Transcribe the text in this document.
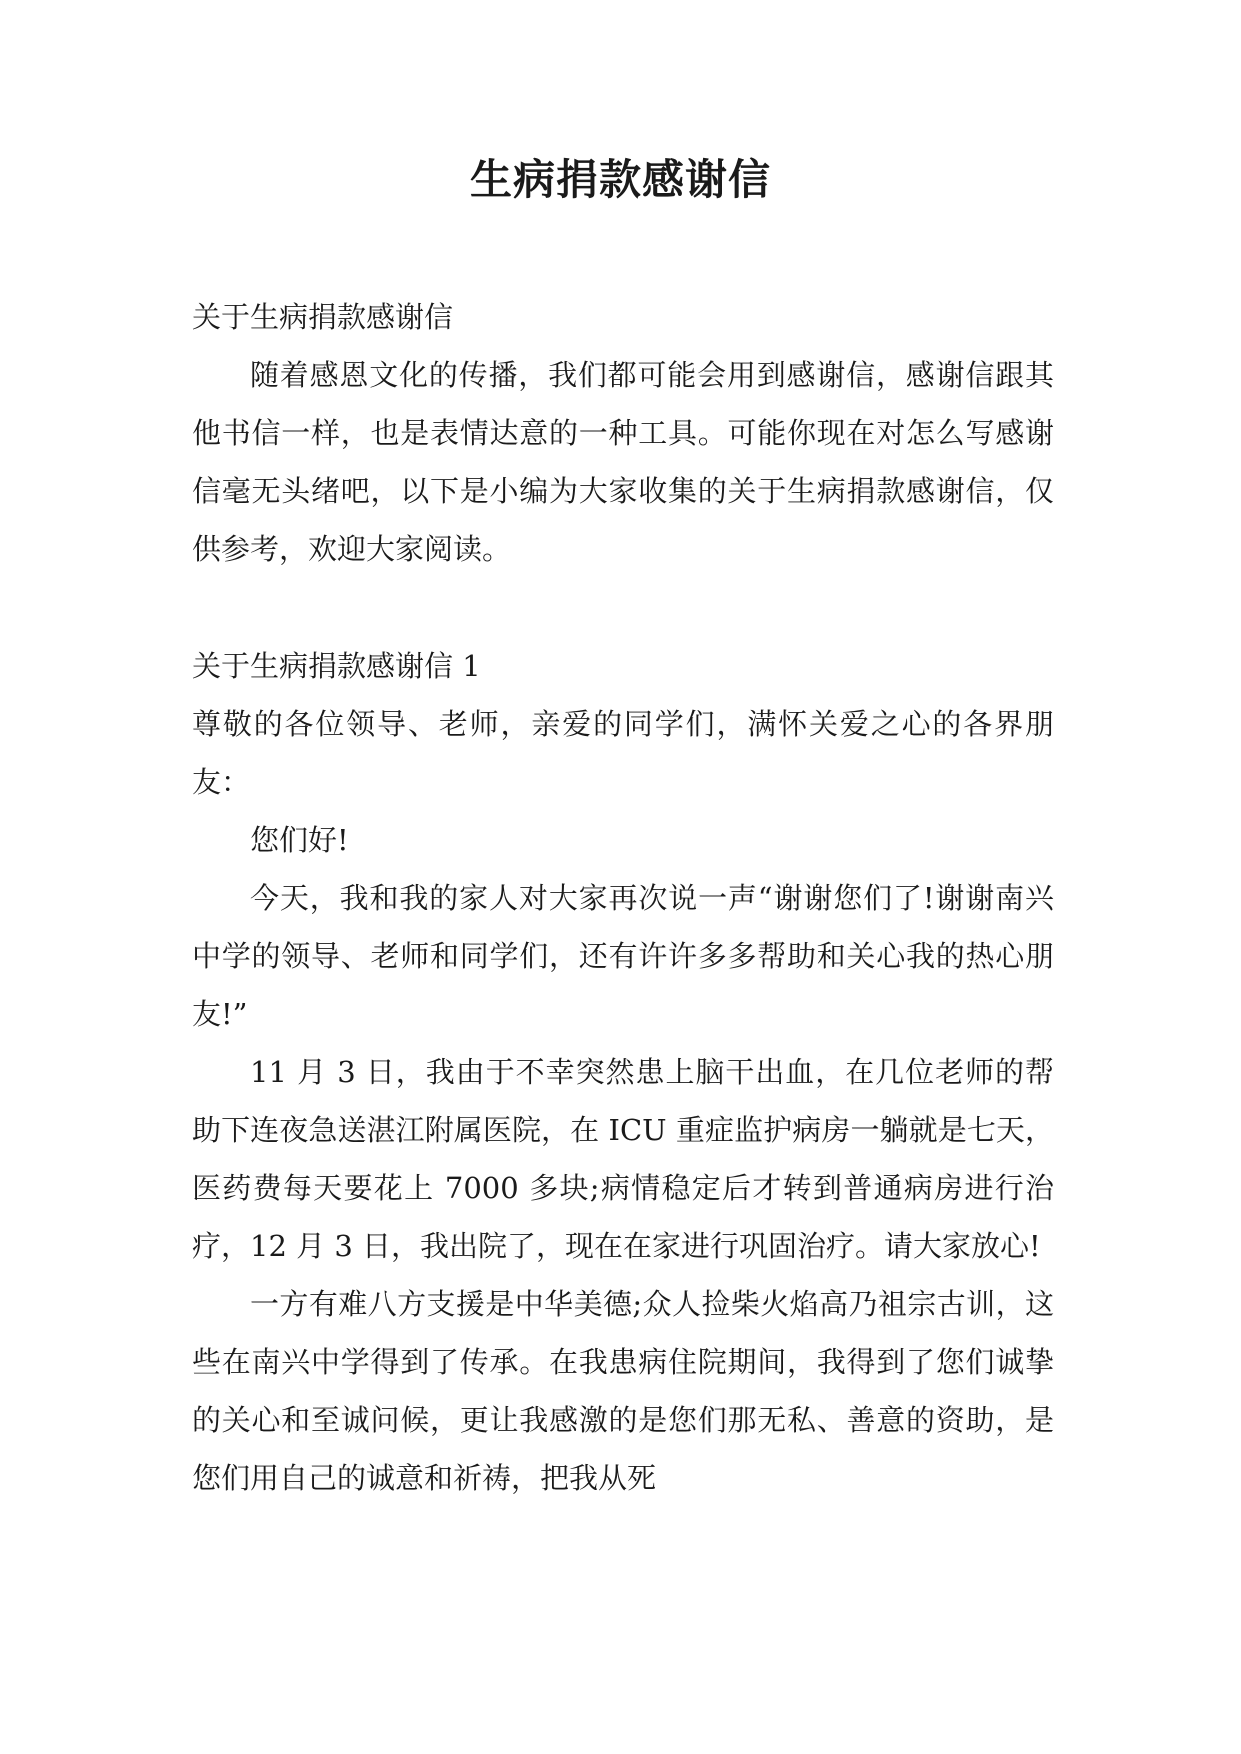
生病捐款感谢信

关于生病捐款感谢信

随着感恩文化的传播，我们都可能会用到感谢信，感谢信跟其他书信一样，也是表情达意的一种工具。可能你现在对怎么写感谢信毫无头绪吧，以下是小编为大家收集的关于生病捐款感谢信，仅供参考，欢迎大家阅读。

关于生病捐款感谢信 1

尊敬的各位领导、老师，亲爱的同学们，满怀关爱之心的各界朋友：

您们好!

今天，我和我的家人对大家再次说一声“谢谢您们了!谢谢南兴中学的领导、老师和同学们，还有许许多多帮助和关心我的热心朋友!”

11 月 3 日，我由于不幸突然患上脑干出血，在几位老师的帮助下连夜急送湛江附属医院，在 ICU 重症监护病房一躺就是七天，医药费每天要花上 7000 多块;病情稳定后才转到普通病房进行治疗，12 月 3 日，我出院了，现在在家进行巩固治疗。请大家放心!

一方有难八方支援是中华美德;众人捡柴火焰高乃祖宗古训，这些在南兴中学得到了传承。在我患病住院期间，我得到了您们诚挚的关心和至诚问候，更让我感激的是您们那无私、善意的资助，是您们用自己的诚意和祈祷，把我从死
